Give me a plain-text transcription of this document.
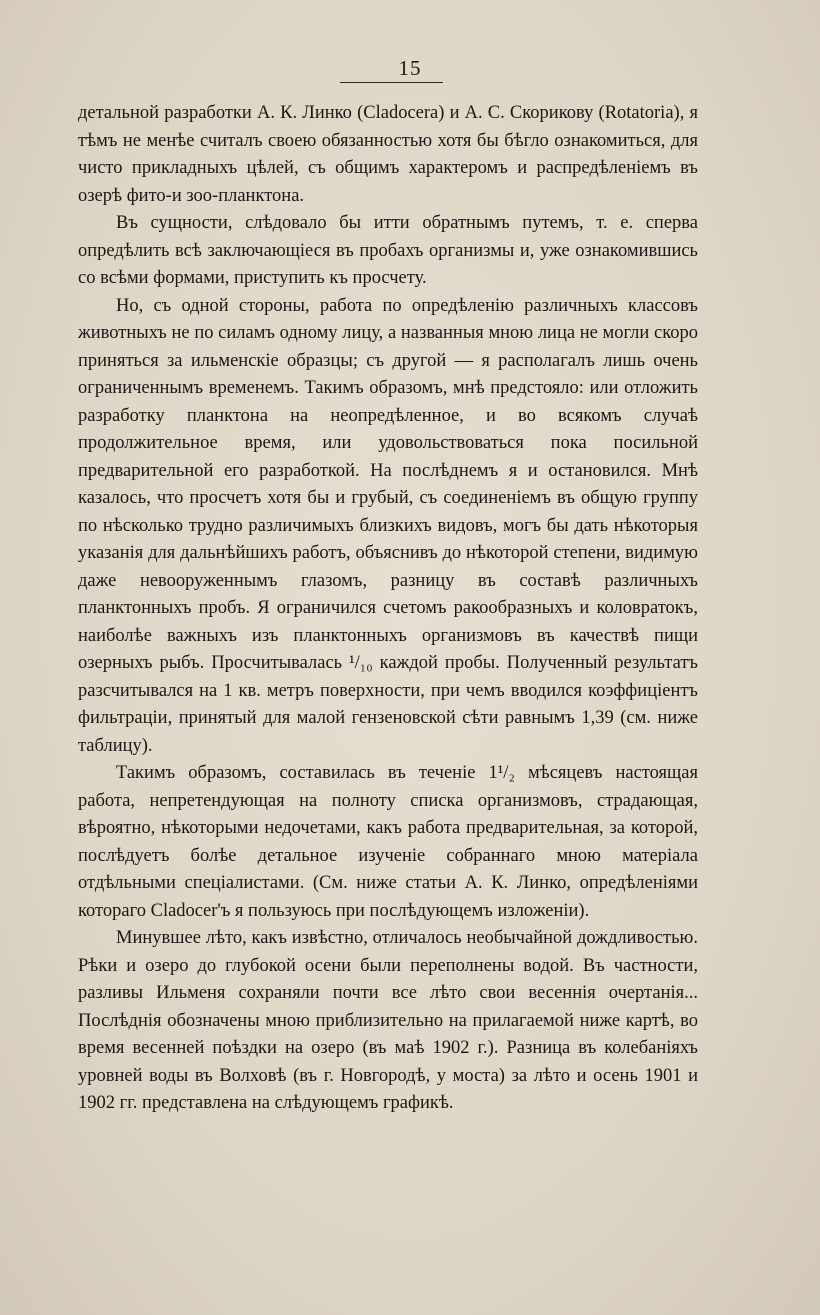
15

детальной разработки А. К. Линко (Cladocera) и А. С. Скорикову (Rotatoria), я тѣмъ не менѣе считалъ своею обязанностью хотя бы бѣгло ознакомиться, для чисто прикладныхъ цѣлей, съ общимъ характеромъ и распредѣленіемъ въ озерѣ фито-и зоо-планктона.

Въ сущности, слѣдовало бы итти обратнымъ путемъ, т. е. сперва опредѣлить всѣ заключающіеся въ пробахъ организмы и, уже ознакомившись со всѣми формами, приступить къ просчету.

Но, съ одной стороны, работа по опредѣленію различныхъ классовъ животныхъ не по силамъ одному лицу, а названныя мною лица не могли скоро приняться за ильменскіе образцы; съ другой — я располагалъ лишь очень ограниченнымъ временемъ. Такимъ образомъ, мнѣ предстояло: или отложить разработку планктона на неопредѣленное, и во всякомъ случаѣ продолжительное время, или удовольствоваться пока посильной предварительной его разработкой. На послѣднемъ я и остановился. Мнѣ казалось, что просчетъ хотя бы и грубый, съ соединеніемъ въ общую группу по нѣсколько трудно различимыхъ близкихъ видовъ, могъ бы дать нѣкоторыя указанія для дальнѣйшихъ работъ, объяснивъ до нѣкоторой степени, видимую даже невооруженнымъ глазомъ, разницу въ составѣ различныхъ планктонныхъ пробъ. Я ограничился счетомъ ракообразныхъ и коловратокъ, наиболѣе важныхъ изъ планктонныхъ организмовъ въ качествѣ пищи озерныхъ рыбъ. Просчитывалась ¹/₁₀ каждой пробы. Полученный результатъ разсчитывался на 1 кв. метръ поверхности, при чемъ вводился коэффиціентъ фильтраціи, принятый для малой гензеновской сѣти равнымъ 1,39 (см. ниже таблицу).

Такимъ образомъ, составилась въ теченіе 1¹/₂ мѣсяцевъ настоящая работа, непретендующая на полноту списка организмовъ, страдающая, вѣроятно, нѣкоторыми недочетами, какъ работа предварительная, за которой, послѣдуетъ болѣе детальное изученіе собраннаго мною матеріала отдѣльными спеціалистами. (См. ниже статьи А. К. Линко, опредѣленіями котораго Cladocer'ъ я пользуюсь при послѣдующемъ изложеніи).

Минувшее лѣто, какъ извѣстно, отличалось необычайной дождливостью. Рѣки и озеро до глубокой осени были переполнены водой. Въ частности, разливы Ильменя сохраняли почти все лѣто свои весеннія очертанія... Послѣднія обозначены мною приблизительно на прилагаемой ниже картѣ, во время весенней поѣздки на озеро (въ маѣ 1902 г.). Разница въ колебаніяхъ уровней воды въ Волховѣ (въ г. Новгородѣ, у моста) за лѣто и осень 1901 и 1902 гг. представлена на слѣдующемъ графикѣ.
